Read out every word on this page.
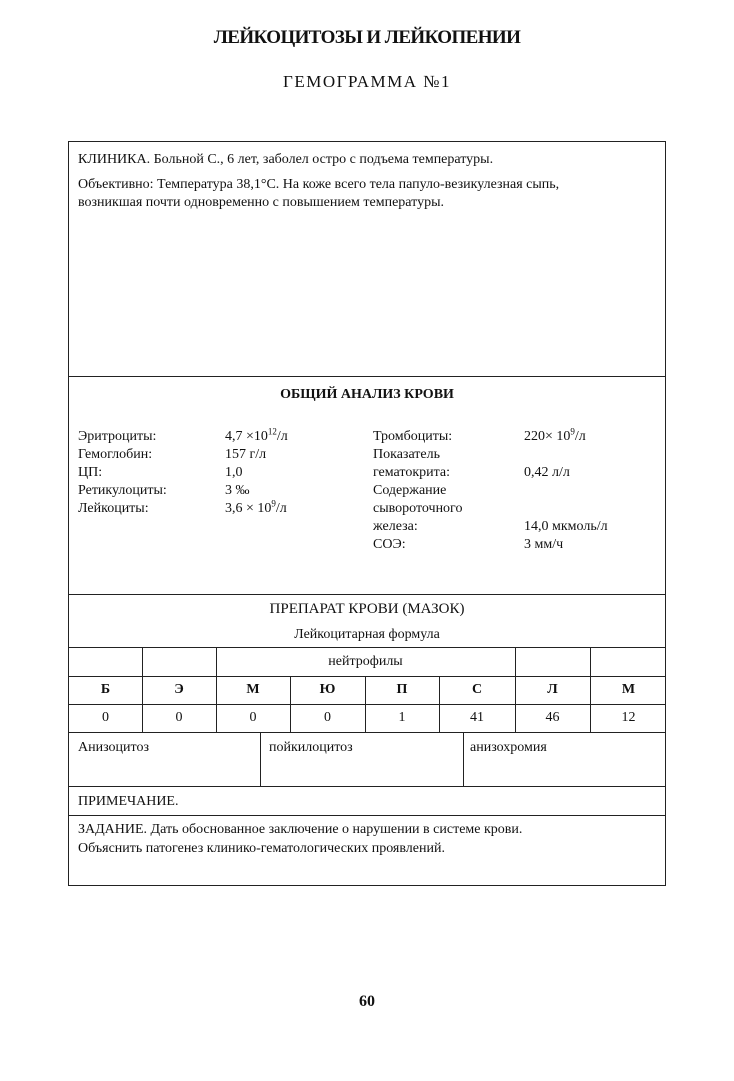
ЛЕЙКОЦИТОЗЫ И ЛЕЙКОПЕНИИ
ГЕМОГРАММА №1
КЛИНИКА. Больной С., 6 лет, заболел остро с подъема температуры.
Объективно: Температура 38,1°С. На коже всего тела папуло-везикулезная сыпь,
возникшая почти одновременно с повышением температуры.
ОБЩИЙ АНАЛИЗ КРОВИ
Эритроциты:	$4,7 \times 10^{12}/л$
Гемоглобин:	157 г/л
ЦП:	1,0
Ретикулоциты:	3 ‰
Лейкоциты:	$3,6 \times 10^9/л$
Тромбоциты:	$220\times 10^9/л$
Показатель
гематокрита:	0,42 л/л
Содержание
сывороточного
железа:	14,0 мкмоль/л
СОЭ:	3 мм/ч
ПРЕПАРАТ КРОВИ (МАЗОК)
Лейкоцитарная формула
нейтрофилы
Б	Э	М	Ю	П	С	Л	М
0	0	0	0	1	41	46	12
Анизоцитоз	пойкилоцитоз	анизохромия
ПРИМЕЧАНИЕ.
ЗАДАНИЕ. Дать обоснованное заключение о нарушении в системе крови.
Объяснить патогенез клинико-гематологических проявлений.
60
